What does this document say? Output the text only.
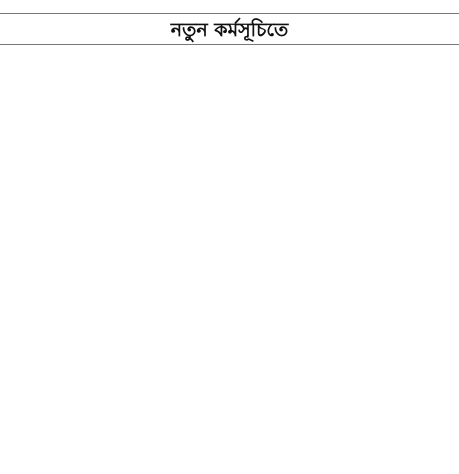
নতুন কর্মসূচিতে
